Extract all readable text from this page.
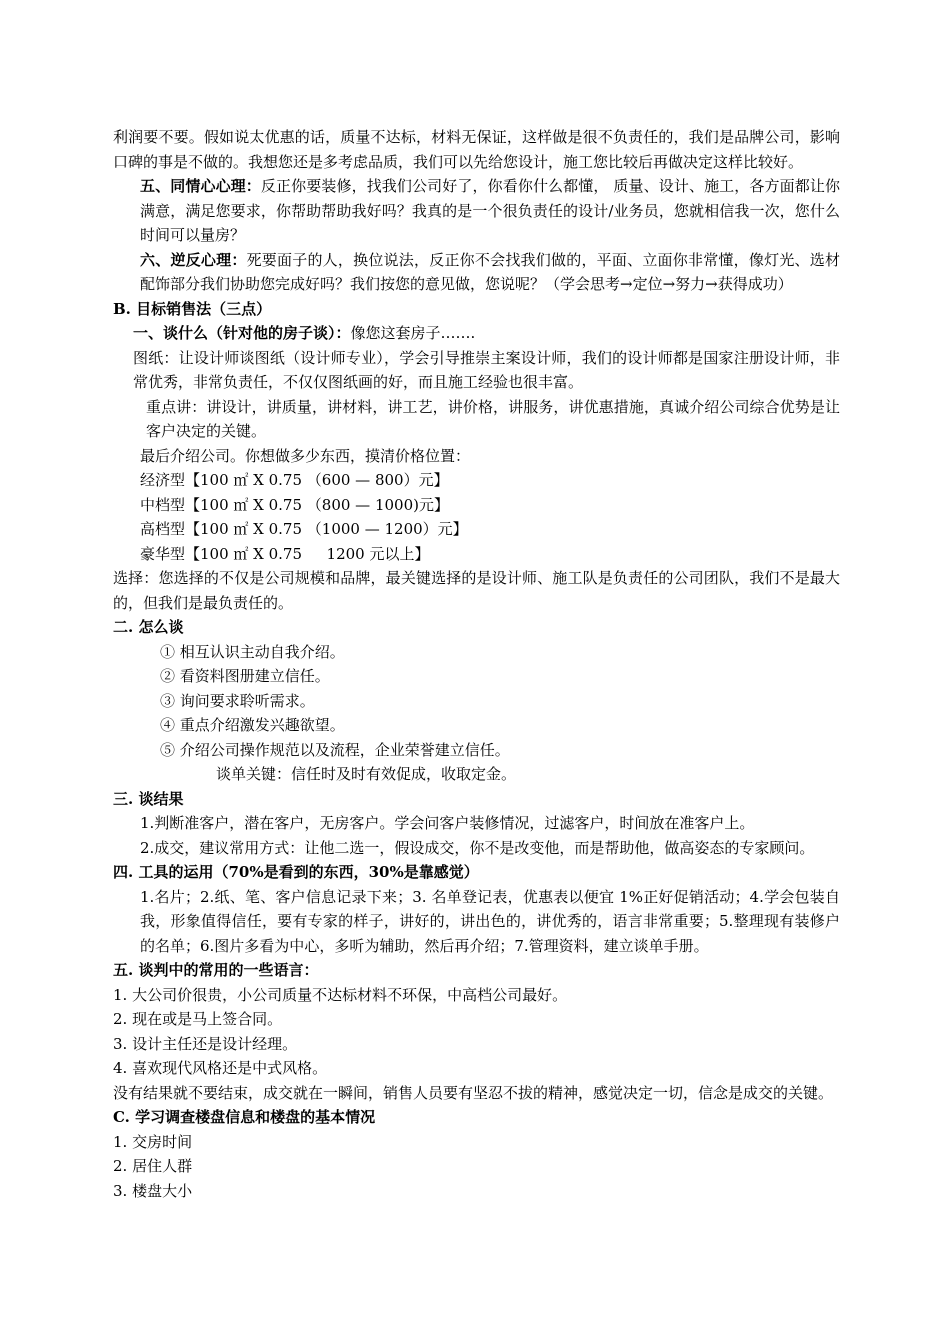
利润要不要。假如说太优惠的话，质量不达标，材料无保证，这样做是很不负责任的，我们是品牌公司，影响口碑的事是不做的。我想您还是多考虑品质，我们可以先给您设计，施工您比较后再做决定这样比较好。

五、同情心心理：反正你要装修，找我们公司好了，你看你什么都懂， 质量、设计、施工，各方面都让你满意，满足您要求，你帮助帮助我好吗？我真的是一个很负责任的设计/业务员，您就相信我一次，您什么时间可以量房？

六、逆反心理：死要面子的人，换位说法，反正你不会找我们做的，平面、立面你非常懂，像灯光、选材配饰部分我们协助您完成好吗？我们按您的意见做，您说呢？（学会思考→定位→努力→获得成功）

B. 目标销售法（三点）

一、谈什么（针对他的房子谈）：像您这套房子…….

图纸：让设计师谈图纸（设计师专业），学会引导推崇主案设计师，我们的设计师都是国家注册设计师，非常优秀，非常负责任，不仅仅图纸画的好，而且施工经验也很丰富。

重点讲：讲设计，讲质量，讲材料，讲工艺，讲价格，讲服务，讲优惠措施，真诚介绍公司综合优势是让客户决定的关键。

最后介绍公司。你想做多少东西，摸清价格位置：

经济型【100 ㎡ X 0.75 （600 — 800）元】

中档型【100 ㎡ X 0.75 （800 — 1000)元】

高档型【100 ㎡ X 0.75 （1000 — 1200）元】

豪华型【100 ㎡ X 0.75 　 1200 元以上】

选择：您选择的不仅是公司规模和品牌，最关键选择的是设计师、施工队是负责任的公司团队，我们不是最大的，但我们是最负责任的。

二. 怎么谈

① 相互认识主动自我介绍。

② 看资料图册建立信任。

③ 询问要求聆听需求。

④ 重点介绍激发兴趣欲望。

⑤ 介绍公司操作规范以及流程，企业荣誉建立信任。

谈单关键：信任时及时有效促成，收取定金。

三. 谈结果

1.判断准客户，潜在客户，无房客户。学会问客户装修情况，过滤客户，时间放在准客户上。

2.成交，建议常用方式：让他二选一，假设成交，你不是改变他，而是帮助他，做高姿态的专家顾问。

四. 工具的运用（70%是看到的东西，30%是靠感觉）

1.名片；2.纸、笔、客户信息记录下来；3. 名单登记表，优惠表以便宜 1%正好促销活动；4.学会包装自我，形象值得信任，要有专家的样子，讲好的，讲出色的，讲优秀的，语言非常重要；5.整理现有装修户的名单；6.图片多看为中心，多听为辅助，然后再介绍；7.管理资料，建立谈单手册。

五. 谈判中的常用的一些语言：

1. 大公司价很贵，小公司质量不达标材料不环保，中高档公司最好。

2. 现在或是马上签合同。

3. 设计主任还是设计经理。

4. 喜欢现代风格还是中式风格。

没有结果就不要结束，成交就在一瞬间，销售人员要有坚忍不拔的精神，感觉决定一切，信念是成交的关键。

C. 学习调查楼盘信息和楼盘的基本情况

1. 交房时间

2. 居住人群

3. 楼盘大小
